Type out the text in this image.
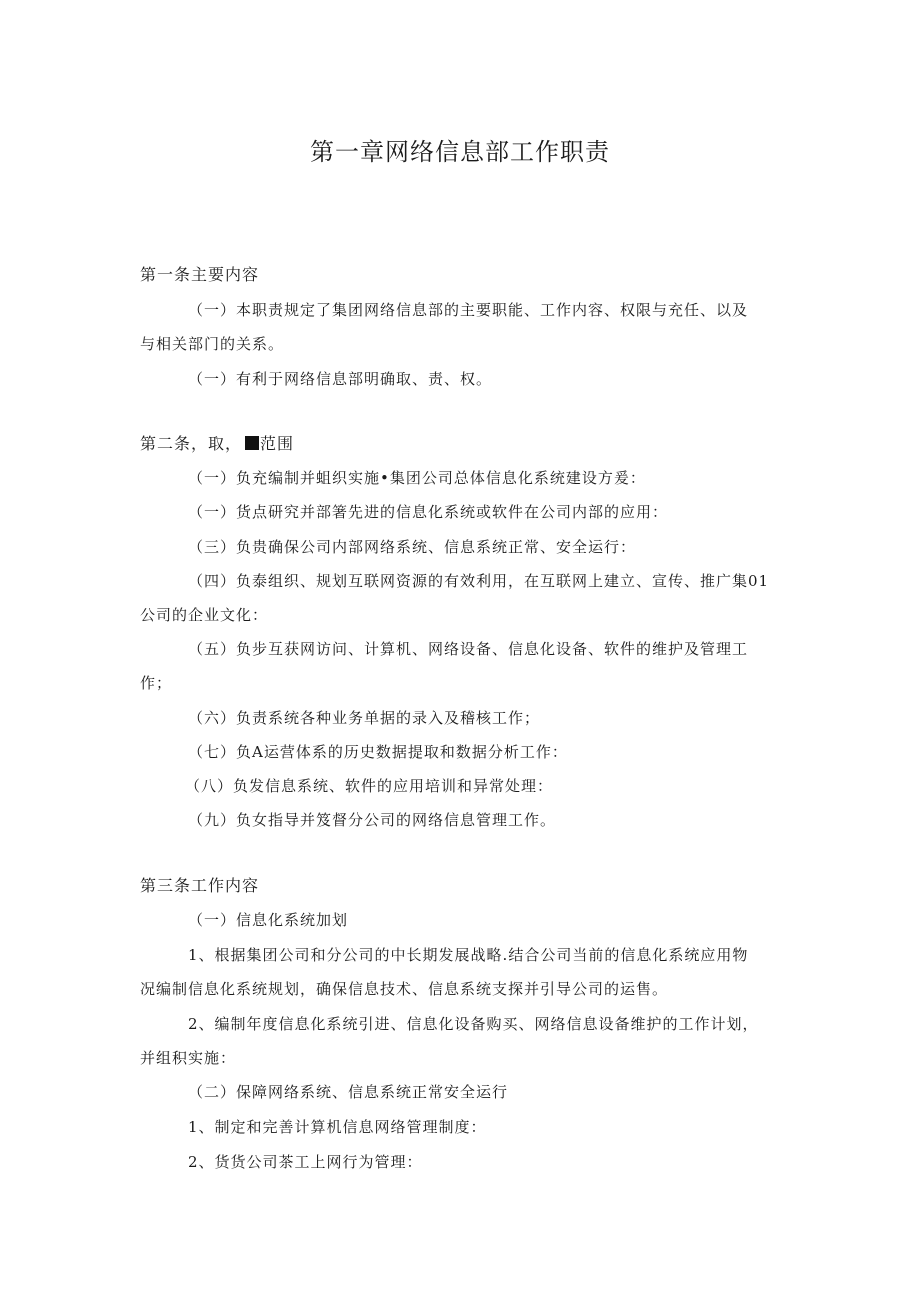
第一章网络信息部工作职责
第一条主要内容
（一）本职责规定了集团网络信息部的主要职能、工作内容、权限与充任、以及
与相关部门的关系。
（一）有利于网络信息部明确取、责、权。
第二条，取， 范围
（一）负充编制并蛆织实施•集团公司总体信息化系统建设方爰：
（一）货点研究并部箸先进的信息化系统或软件在公司内部的应用：
（三）负贵确保公司内部网络系统、信息系统正常、安全运行：
（四）负泰组织、规划互联网资源的有效利用，在互联网上建立、宣传、推广集01
公司的企业文化：
（五）负步互获网访问、计算机、网络设备、信息化设备、软件的维护及管理工
作；
（六）负责系统各种业务单据的录入及稽核工作；
（七）负A运营体系的历史数据提取和数据分析工作：
（八）负发信息系统、软件的应用培训和异常处理：
（九）负女指导并笈督分公司的网络信息管理工作。
第三条工作内容
（一）信息化系统加划
1、根据集团公司和分公司的中长期发展战略.结合公司当前的信息化系统应用物
况编制信息化系统规划，确保信息技术、信息系统支探并引导公司的运售。
2、编制年度信息化系统引进、信息化设备购买、网络信息设备维护的工作计划，
并组积实施：
（二）保障网络系统、信息系统正常安全运行
1、制定和完善计算机信息网络管理制度：
2、货货公司茶工上网行为管理：
